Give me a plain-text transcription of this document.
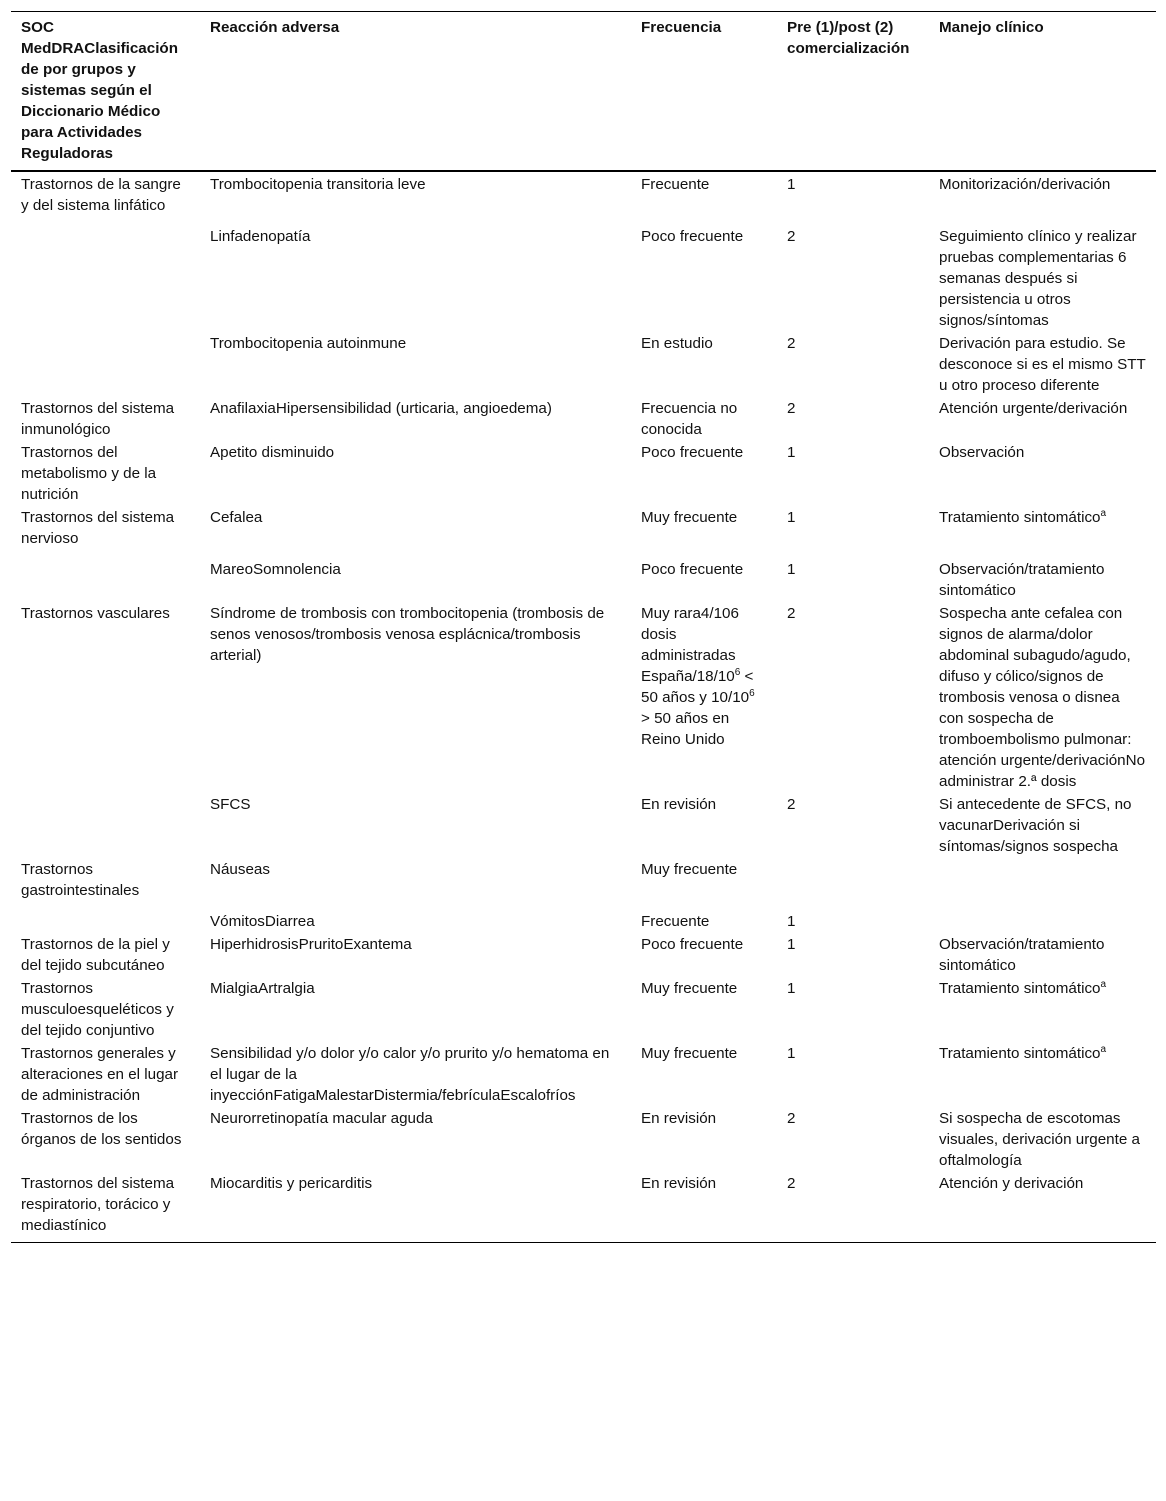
SOC MedDRAClasificación de por grupos y sistemas según el Diccionario Médico para Actividades Reguladoras	Reacción adversa	Frecuencia	Pre (1)/post (2) comercialización	Manejo clínico
Trastornos de la sangre y del sistema linfático	Trombocitopenia transitoria leve	Frecuente	1	Monitorización/derivación
	Linfadenopatía	Poco frecuente	2	Seguimiento clínico y realizar pruebas complementarias 6 semanas después si persistencia u otros signos/síntomas
	Trombocitopenia autoinmune	En estudio	2	Derivación para estudio. Se desconoce si es el mismo STT u otro proceso diferente
Trastornos del sistema inmunológico	AnafilaxiaHipersensibilidad (urticaria, angioedema)	Frecuencia no conocida	2	Atención urgente/derivación
Trastornos del metabolismo y de la nutrición	Apetito disminuido	Poco frecuente	1	Observación
Trastornos del sistema nervioso	Cefalea	Muy frecuente	1	Tratamiento sintomático$^a$
	MareoSomnolencia	Poco frecuente	1	Observación/tratamiento sintomático
Trastornos vasculares	Síndrome de trombosis con trombocitopenia (trombosis de senos venosos/trombosis venosa esplácnica/trombosis arterial)	Muy rara4/106 dosis administradas España/$18/10^6 < 50$ años y $10/10^6 > 50$ años en Reino Unido	2	Sospecha ante cefalea con signos de alarma/dolor abdominal subagudo/agudo, difuso y cólico/signos de trombosis venosa o disnea con sospecha de tromboembolismo pulmonar: atención urgente/derivaciónNo administrar 2.ª dosis
	SFCS	En revisión	2	Si antecedente de SFCS, no vacunarDerivación si síntomas/signos sospecha
Trastornos gastrointestinales	Náuseas	Muy frecuente		
	VómitosDiarrea	Frecuente	1	
Trastornos de la piel y del tejido subcutáneo	HiperhidrosisPruritoExantema	Poco frecuente	1	Observación/tratamiento sintomático
Trastornos musculoesqueléticos y del tejido conjuntivo	MialgiaArtralgia	Muy frecuente	1	Tratamiento sintomático$^a$
Trastornos generales y alteraciones en el lugar de administración	Sensibilidad y/o dolor y/o calor y/o prurito y/o hematoma en el lugar de la inyecciónFatigaMalestarDistermia/febrículaEscalofríos	Muy frecuente	1	Tratamiento sintomático$^a$
Trastornos de los órganos de los sentidos	Neurorretinopatía macular aguda	En revisión	2	Si sospecha de escotomas visuales, derivación urgente a oftalmología
Trastornos del sistema respiratorio, torácico y mediastínico	Miocarditis y pericarditis	En revisión	2	Atención y derivación
